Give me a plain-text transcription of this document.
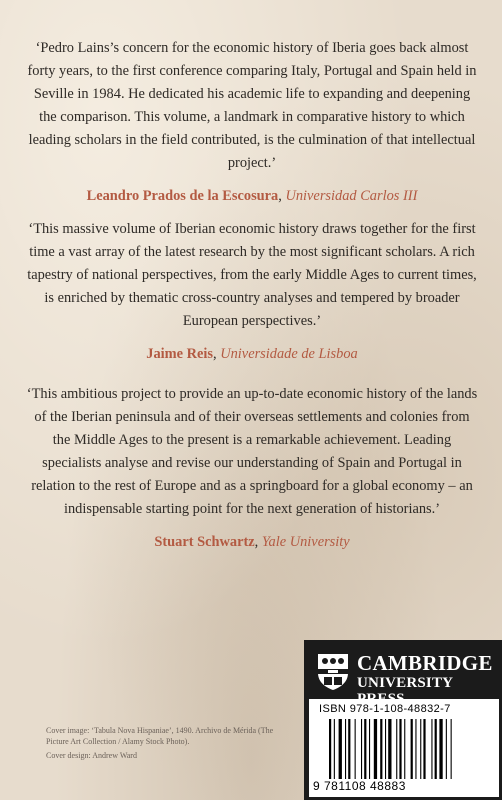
‘Pedro Lains’s concern for the economic history of Iberia goes back almost forty years, to the first conference comparing Italy, Portugal and Spain held in Seville in 1984. He dedicated his academic life to expanding and deepening the comparison. This volume, a landmark in comparative history to which leading scholars in the field contributed, is the culmination of that intellectual project.’
Leandro Prados de la Escosura, Universidad Carlos III
‘This massive volume of Iberian economic history draws together for the first time a vast array of the latest research by the most significant scholars. A rich tapestry of national perspectives, from the early Middle Ages to current times, is enriched by thematic cross-country analyses and tempered by broader European perspectives.’
Jaime Reis, Universidade de Lisboa
‘This ambitious project to provide an up-to-date economic history of the lands of the Iberian peninsula and of their overseas settlements and colonies from the Middle Ages to the present is a remarkable achievement. Leading specialists analyse and revise our understanding of Spain and Portugal in relation to the rest of Europe and as a springboard for a global economy – an indispensable starting point for the next generation of historians.’
Stuart Schwartz, Yale University

Cover image: ‘Tabula Nova Hispaniae’, 1490. Archivo de Mérida (The Picture Art Collection / Alamy Stock Photo).

Cover design: Andrew Ward

CAMBRIDGE
UNIVERSITY
ISBN 978-1-108-48832-7
9 781108 48883
